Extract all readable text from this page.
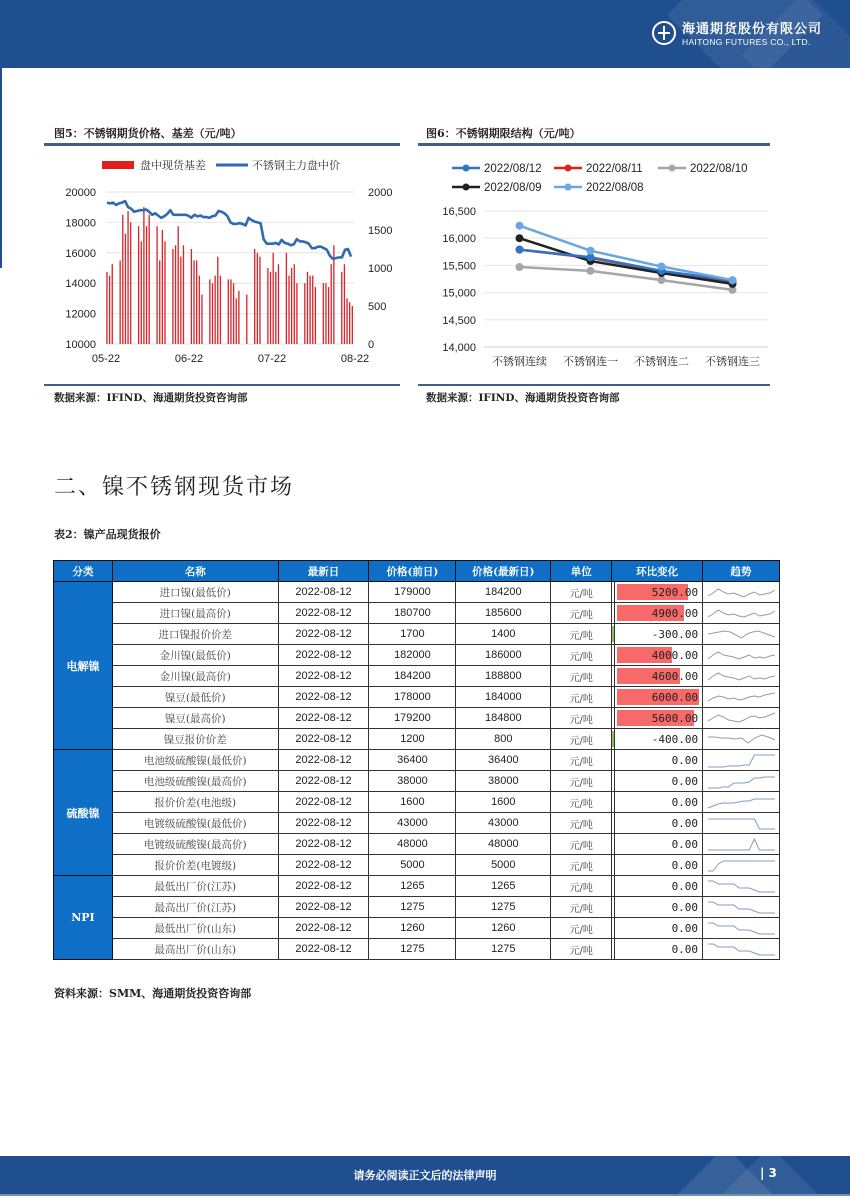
海通期货股份有限公司
HAITONG FUTURES CO., LTD.
图5：不锈钢期货价格、基差（元/吨）
盘中现货基差	不锈钢主力盘中价
10000
12000
14000
16000
18000
20000
0
500
1000
1500
2000
05-22	06-22	07-22	08-22
数据来源：IFIND、海通期货投资咨询部
图6：不锈钢期限结构（元/吨）
2022/08/12	2022/08/11	2022/08/10
2022/08/09	2022/08/08
14,000
14,500
15,000
15,500
16,000
16,500
不锈钢连续 不锈钢连一 不锈钢连二 不锈钢连三
数据来源：IFIND、海通期货投资咨询部
二、镍不锈钢现货市场
表2：镍产品现货报价
分类	名称	最新日	价格(前日)	价格(最新日)	单位	环比变化		趋势
电解镍	进口镍(最低价)	2022-08-12	179000	184200	元/吨		5200.00	

	进口镍(最高价)	2022-08-12	180700	185600	元/吨		4900.00	

	进口镍报价价差	2022-08-12	1700	1400	元/吨		-300.00	

	金川镍(最低价)	2022-08-12	182000	186000	元/吨		4000.00	

	金川镍(最高价)	2022-08-12	184200	188800	元/吨		4600.00	

	镍豆(最低价)	2022-08-12	178000	184000	元/吨		6000.00	

	镍豆(最高价)	2022-08-12	179200	184800	元/吨		5600.00	

	镍豆报价价差	2022-08-12	1200	800	元/吨		-400.00	

硫酸镍	电池级硫酸镍(最低价)	2022-08-12	36400	36400	元/吨		0.00	

	电池级硫酸镍(最高价)	2022-08-12	38000	38000	元/吨		0.00	

	报价价差(电池级)	2022-08-12	1600	1600	元/吨		0.00	

	电镀级硫酸镍(最低价)	2022-08-12	43000	43000	元/吨		0.00	

	电镀级硫酸镍(最高价)	2022-08-12	48000	48000	元/吨		0.00	

	报价价差(电镀级)	2022-08-12	5000	5000	元/吨		0.00	

NPI	最低出厂价(江苏)	2022-08-12	1265	1265	元/吨		0.00	

	最高出厂价(江苏)	2022-08-12	1275	1275	元/吨		0.00	

	最低出厂价(山东)	2022-08-12	1260	1260	元/吨		0.00	

	最高出厂价(山东)	2022-08-12	1275	1275	元/吨		0.00	
资料来源：SMM、海通期货投资咨询部
请务必阅读正文后的法律声明	| 3
